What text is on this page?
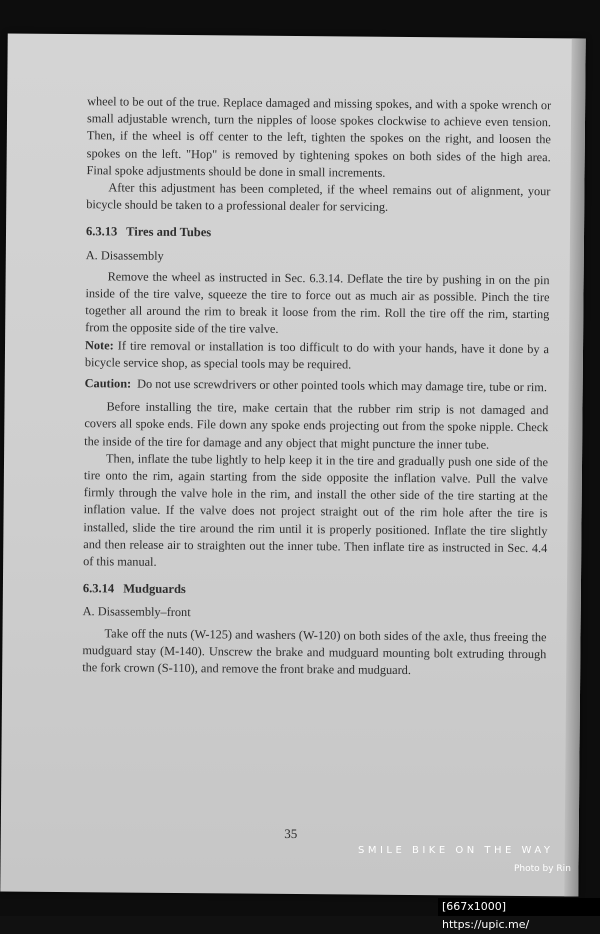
wheel to be out of the true. Replace damaged and missing spokes, and with a spoke wrench or small adjustable wrench, turn the nipples of loose spokes clockwise to achieve even tension. Then, if the wheel is off center to the left, tighten the spokes on the right, and loosen the spokes on the left. "Hop" is removed by tightening spokes on both sides of the high area. Final spoke adjustments should be done in small increments.

After this adjustment has been completed, if the wheel remains out of alignment, your bicycle should be taken to a professional dealer for servicing.

6.3.13 Tires and Tubes
A. Disassembly

Remove the wheel as instructed in Sec. 6.3.14. Deflate the tire by pushing in on the pin inside of the tire valve, squeeze the tire to force out as much air as possible. Pinch the tire together all around the rim to break it loose from the rim. Roll the tire off the rim, starting from the opposite side of the tire valve.

Note: If tire removal or installation is too difficult to do with your hands, have it done by a bicycle service shop, as special tools may be required.

Caution: Do not use screwdrivers or other pointed tools which may damage tire, tube or rim.

Before installing the tire, make certain that the rubber rim strip is not damaged and covers all spoke ends. File down any spoke ends projecting out from the spoke nipple. Check the inside of the tire for damage and any object that might puncture the inner tube.

Then, inflate the tube lightly to help keep it in the tire and gradually push one side of the tire onto the rim, again starting from the side opposite the inflation valve. Pull the valve firmly through the valve hole in the rim, and install the other side of the tire starting at the inflation value. If the valve does not project straight out of the rim hole after the tire is installed, slide the tire around the rim until it is properly positioned. Inflate the tire slightly and then release air to straighten out the inner tube. Then inflate tire as instructed in Sec. 4.4 of this manual.

6.3.14 Mudguards
A. Disassembly–front

Take off the nuts (W-125) and washers (W-120) on both sides of the axle, thus freeing the mudguard stay (M-140). Unscrew the brake and mudguard mounting bolt extruding through the fork crown (S-110), and remove the front brake and mudguard.

35
SMILE BIKE ON THE WAY
Photo by Rin
[667x1000] https://upic.me/
